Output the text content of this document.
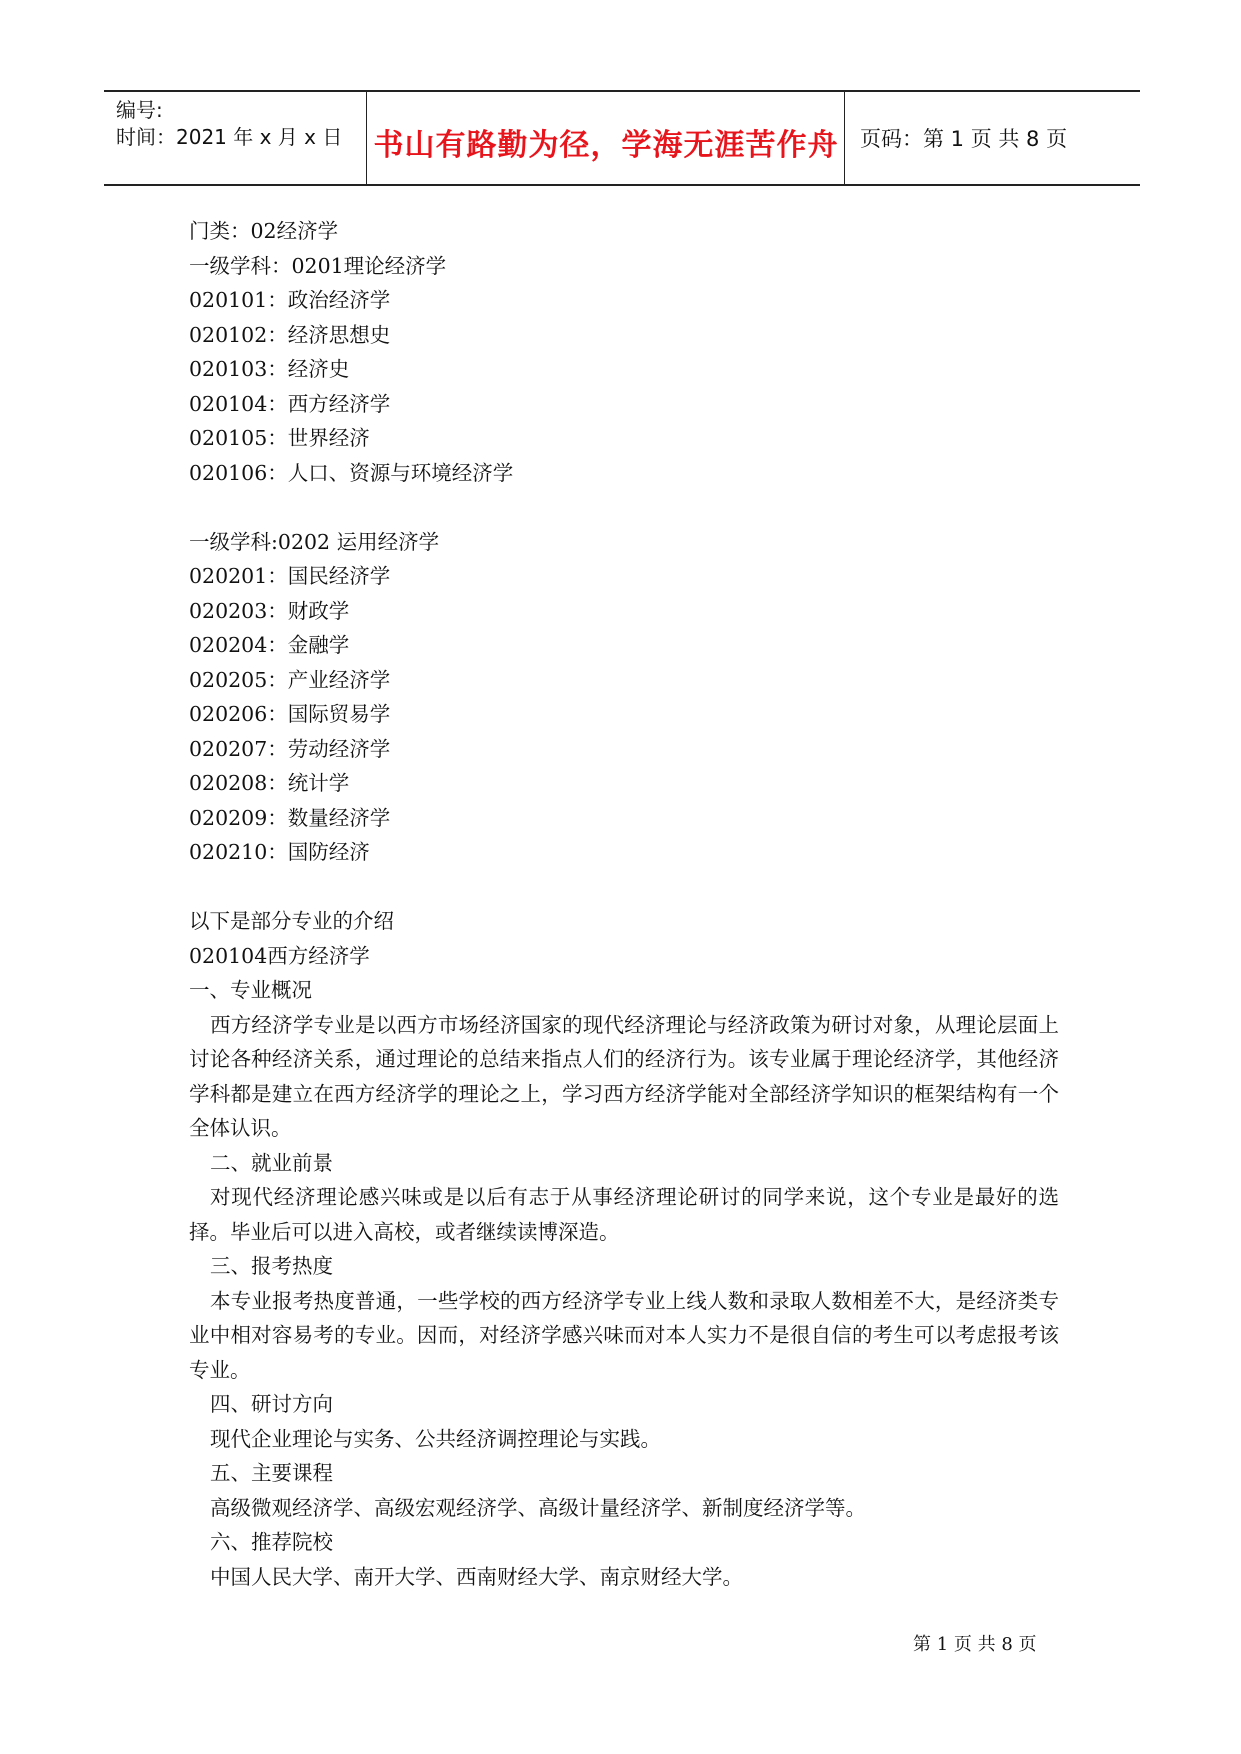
编号:
时间：2021 年 x 月 x 日 书山有路勤为径，学海无涯苦作舟 页码：第 1 页 共 8 页
门类：02经济学
一级学科：0201理论经济学
020101：政治经济学
020102：经济思想史
020103：经济史
020104：西方经济学
020105：世界经济
020106：人口、资源与环境经济学
一级学科:0202 运用经济学
020201：国民经济学
020203：财政学
020204：金融学
020205：产业经济学
020206：国际贸易学
020207：劳动经济学
020208：统计学
020209：数量经济学
020210：国防经济
以下是部分专业的介绍
020104西方经济学
一、专业概况
西方经济学专业是以西方市场经济国家的现代经济理论与经济政策为研讨对象，从理论层面上讨论各种经济关系，通过理论的总结来指点人们的经济行为。该专业属于理论经济学，其他经济学科都是建立在西方经济学的理论之上，学习西方经济学能对全部经济学知识的框架结构有一个全体认识。
二、就业前景
对现代经济理论感兴味或是以后有志于从事经济理论研讨的同学来说，这个专业是最好的选择。毕业后可以进入高校，或者继续读博深造。
三、报考热度
本专业报考热度普通，一些学校的西方经济学专业上线人数和录取人数相差不大，是经济类专业中相对容易考的专业。因而，对经济学感兴味而对本人实力不是很自信的考生可以考虑报考该专业。
四、研讨方向
现代企业理论与实务、公共经济调控理论与实践。
五、主要课程
高级微观经济学、高级宏观经济学、高级计量经济学、新制度经济学等。
六、推荐院校
中国人民大学、南开大学、西南财经大学、南京财经大学。
第 1 页 共 8 页
